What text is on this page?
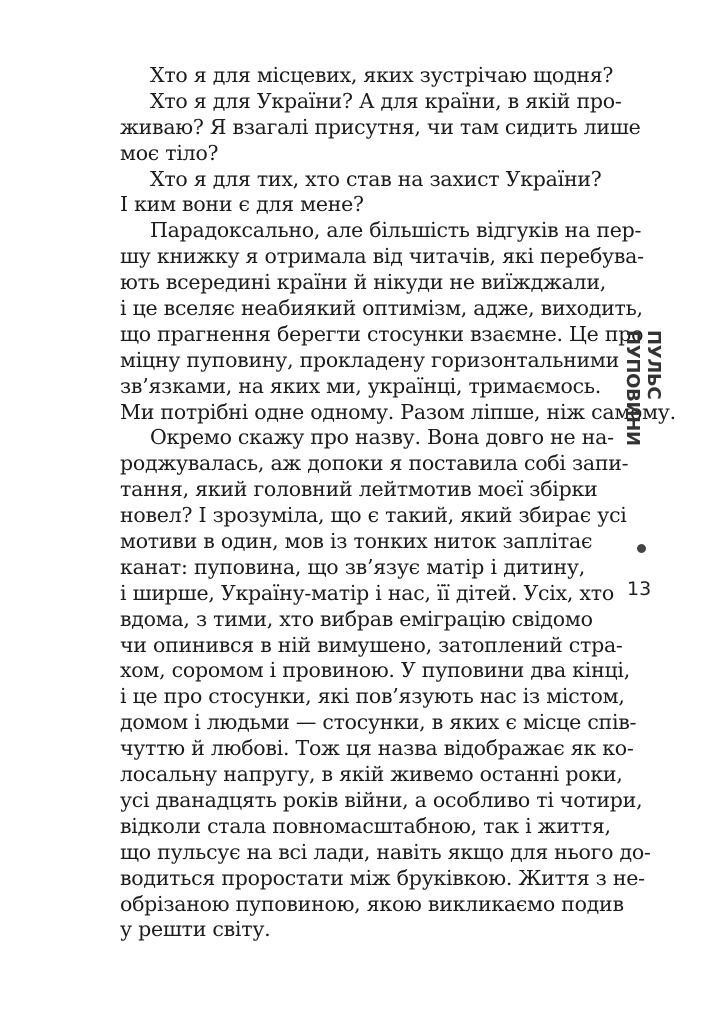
Хто я для місцевих, яких зустрічаю щодня?
Хто я для України? А для країни, в якій про-
живаю? Я взагалі присутня, чи там сидить лише
моє тіло?
Хто я для тих, хто став на захист України?
І ким вони є для мене?
Парадоксально, але більшість відгуків на пер-
шу книжку я отримала від читачів, які перебува-
ють всередині країни й нікуди не виїжджали,
і це вселяє неабиякий оптимізм, адже, виходить,
що прагнення берегти стосунки взаємне. Це про
міцну пуповину, прокладену горизонтальними
зв’язками, на яких ми, українці, тримаємось.
Ми потрібні одне одному. Разом ліпше, ніж самому.
Окремо скажу про назву. Вона довго не на-
роджувалась, аж допоки я поставила собі запи-
тання, який головний лейтмотив моєї збірки
новел? І зрозуміла, що є такий, який збирає усі
мотиви в один, мов із тонких ниток заплітає
канат: пуповина, що зв’язує матір і дитину,
і ширше, Україну-матір і нас, її дітей. Усіх, хто
вдома, з тими, хто вибрав еміграцію свідомо
чи опинився в ній вимушено, затоплений стра-
хом, соромом і провиною. У пуповини два кінці,
і це про стосунки, які пов’язують нас із містом,
домом і людьми — стосунки, в яких є місце спів-
чуттю й любові. Тож ця назва відображає як ко-
лосальну напругу, в якій живемо останні роки,
усі дванадцять років війни, а особливо ті чотири,
відколи стала повномасштабною, так і життя,
що пульсує на всі лади, навіть якщо для нього до-
водиться проростати між бруківкою. Життя з не-
обрізаною пуповиною, якою викликаємо подив
у решти світу.
ПУЛЬС ПУПОВИНИ
13
